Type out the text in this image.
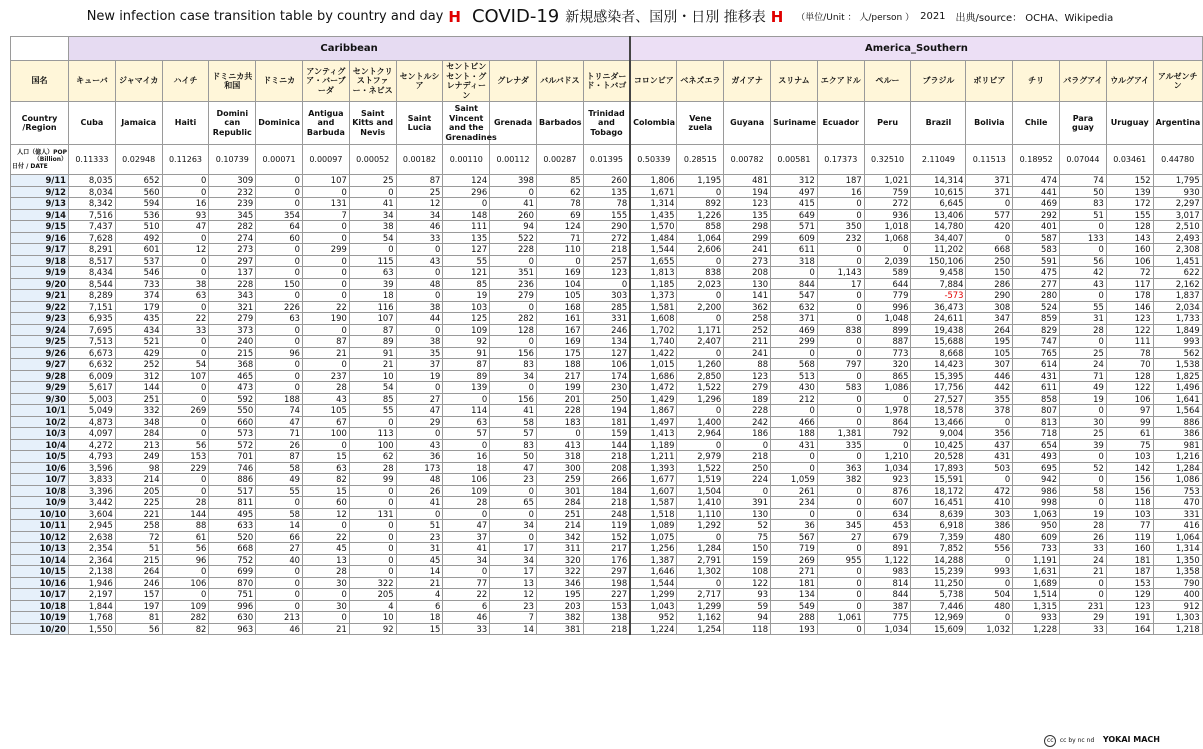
New infection case transition table by country and day H COVID-19 新規感染者、国別・日別 推移表 H （単位/Unit ： 人/person ） 2021 出典/source： OCHA、Wikipedia
	Caribbean												America_Southern											
国名	キューバ	ジャマイカ	ハイチ	ドミニカ共和国	ドミニカ	アンティグア・バーブーダ	セントクリストファー・ネビス	セントルシア	セントビンセント・グレナディーン	グレナダ	バルバドス	トリニダード・トバゴ	コロンビア	ベネズエラ	ガイアナ	スリナム	エクアドル	ペルー	ブラジル	ボリビア	チリ	パラグアイ	ウルグアイ	アルゼンチン
Country /Region	Cuba	Jamaica	Haiti	Domini can Republic	Dominica	Antigua and Barbuda	Saint Kitts and Nevis	Saint Lucia	Saint Vincent and the Grenadines	Grenada	Barbados	Trinidad and Tobago	Colombia	Vene zuela	Guyana	Suriname	Ecuador	Peru	Brazil	Bolivia	Chile	Para guay	Uruguay	Argentina

人口（億人）POP（Billion）
日付 / DATE	0.11333	0.02948	0.11263	0.10739	0.00071	0.00097	0.00052	0.00182	0.00110	0.00112	0.00287	0.01395	0.50339	0.28515	0.00782	0.00581	0.17373	0.32510	2.11049	0.11513	0.18952	0.07044	0.03461	0.44780
9/11	8,035	652	0	309	0	107	25	87	124	398	85	260	1,806	1,195	481	312	187	1,021	14,314	371	474	74	152	1,795
9/12	8,034	560	0	232	0	0	0	25	296	0	62	135	1,671	0	194	497	16	759	10,615	371	441	50	139	930
9/13	8,342	594	16	239	0	131	41	12	0	41	78	78	1,314	892	123	415	0	272	6,645	0	469	83	172	2,297
9/14	7,516	536	93	345	354	7	34	34	148	260	69	155	1,435	1,226	135	649	0	936	13,406	577	292	51	155	3,017
9/15	7,437	510	47	282	64	0	38	46	111	94	124	290	1,570	858	298	571	350	1,018	14,780	420	401	0	128	2,510
9/16	7,628	492	0	274	60	0	54	33	135	522	71	272	1,484	1,064	299	609	232	1,068	34,407	0	587	133	143	2,493
9/17	8,291	601	12	273	0	299	0	0	127	228	110	218	1,544	2,606	241	611	0	0	11,202	668	583	0	160	2,308
9/18	8,517	537	0	297	0	0	115	43	55	0	0	257	1,655	0	273	318	0	2,039	150,106	250	591	56	106	1,451
9/19	8,434	546	0	137	0	0	63	0	121	351	169	123	1,813	838	208	0	1,143	589	9,458	150	475	42	72	622
9/20	8,544	733	38	228	150	0	39	48	85	236	104	0	1,185	2,023	130	844	17	644	7,884	286	277	43	117	2,162
9/21	8,289	374	63	343	0	0	18	0	19	279	105	303	1,373	0	141	547	0	779	-573	290	280	0	178	1,837
9/22	7,151	179	0	321	226	22	116	38	103	0	168	285	1,581	2,200	362	632	0	996	36,473	308	524	55	146	2,034
9/23	6,935	435	22	279	63	190	107	44	125	282	161	331	1,608	0	258	371	0	1,048	24,611	347	859	31	123	1,733
9/24	7,695	434	33	373	0	0	87	0	109	128	167	246	1,702	1,171	252	469	838	899	19,438	264	829	28	122	1,849
9/25	7,513	521	0	240	0	87	89	38	92	0	169	134	1,740	2,407	211	299	0	887	15,688	195	747	0	111	993
9/26	6,673	429	0	215	96	21	91	35	91	156	175	127	1,422	0	241	0	0	773	8,668	105	765	25	78	562
9/27	6,632	252	54	368	0	0	21	37	87	83	188	106	1,015	1,260	88	568	797	320	14,423	307	614	24	70	1,538
9/28	6,009	312	107	465	0	237	10	19	89	34	217	174	1,686	2,850	123	513	0	865	15,395	446	431	71	128	1,825
9/29	5,617	144	0	473	0	28	54	0	139	0	199	230	1,472	1,522	279	430	583	1,086	17,756	442	611	49	122	1,496
9/30	5,003	251	0	592	188	43	85	27	0	156	201	250	1,429	1,296	189	212	0	0	27,527	355	858	19	106	1,641
10/1	5,049	332	269	550	74	105	55	47	114	41	228	194	1,867	0	228	0	0	1,978	18,578	378	807	0	97	1,564
10/2	4,873	348	0	660	47	67	0	29	63	58	183	181	1,497	1,400	242	466	0	864	13,466	0	813	30	99	886
10/3	4,097	284	0	573	71	100	113	0	57	57	0	159	1,413	2,964	186	188	1,381	792	9,004	356	718	25	61	386
10/4	4,272	213	56	572	26	0	100	43	0	83	413	144	1,189	0	0	431	335	0	10,425	437	654	39	75	981
10/5	4,793	249	153	701	87	15	62	36	16	50	318	218	1,211	2,979	218	0	0	1,210	20,528	431	493	0	103	1,216
10/6	3,596	98	229	746	58	63	28	173	18	47	300	208	1,393	1,522	250	0	363	1,034	17,893	503	695	52	142	1,284
10/7	3,833	214	0	886	49	82	99	48	106	23	259	266	1,677	1,519	224	1,059	382	923	15,591	0	942	0	156	1,086
10/8	3,396	205	0	517	55	15	0	26	109	0	301	184	1,607	1,504	0	261	0	876	18,172	472	986	58	156	753
10/9	3,442	225	28	811	0	60	0	41	28	65	284	218	1,587	1,410	391	234	0	607	16,451	410	998	0	118	470
10/10	3,604	221	144	495	58	12	131	0	0	0	251	248	1,518	1,110	130	0	0	634	8,639	303	1,063	19	103	331
10/11	2,945	258	88	633	14	0	0	51	47	34	214	119	1,089	1,292	52	36	345	453	6,918	386	950	28	77	416
10/12	2,638	72	61	520	66	22	0	23	37	0	342	152	1,075	0	75	567	27	679	7,359	480	609	26	119	1,064
10/13	2,354	51	56	668	27	45	0	31	41	17	311	217	1,256	1,284	150	719	0	891	7,852	556	733	33	160	1,314
10/14	2,364	215	96	752	40	13	0	45	34	34	320	176	1,387	2,791	159	269	955	1,122	14,288	0	1,191	24	181	1,350
10/15	2,138	264	0	699	0	28	0	14	0	17	322	297	1,646	1,302	108	271	0	983	15,239	993	1,631	21	187	1,358
10/16	1,946	246	106	870	0	30	322	21	77	13	346	198	1,544	0	122	181	0	814	11,250	0	1,689	0	153	790
10/17	2,197	157	0	751	0	0	205	4	22	12	195	227	1,299	2,717	93	134	0	844	5,738	504	1,514	0	129	400
10/18	1,844	197	109	996	0	30	4	6	6	23	203	153	1,043	1,299	59	549	0	387	7,446	480	1,315	231	123	912
10/19	1,768	81	282	630	213	0	10	18	46	7	382	138	952	1,162	94	288	1,061	775	12,969	0	933	29	191	1,303
10/20	1,550	56	82	963	46	21	92	15	33	14	381	218	1,224	1,254	118	193	0	1,034	15,609	1,032	1,228	33	164	1,218
cc cc by nc nd YOKAI MACH
